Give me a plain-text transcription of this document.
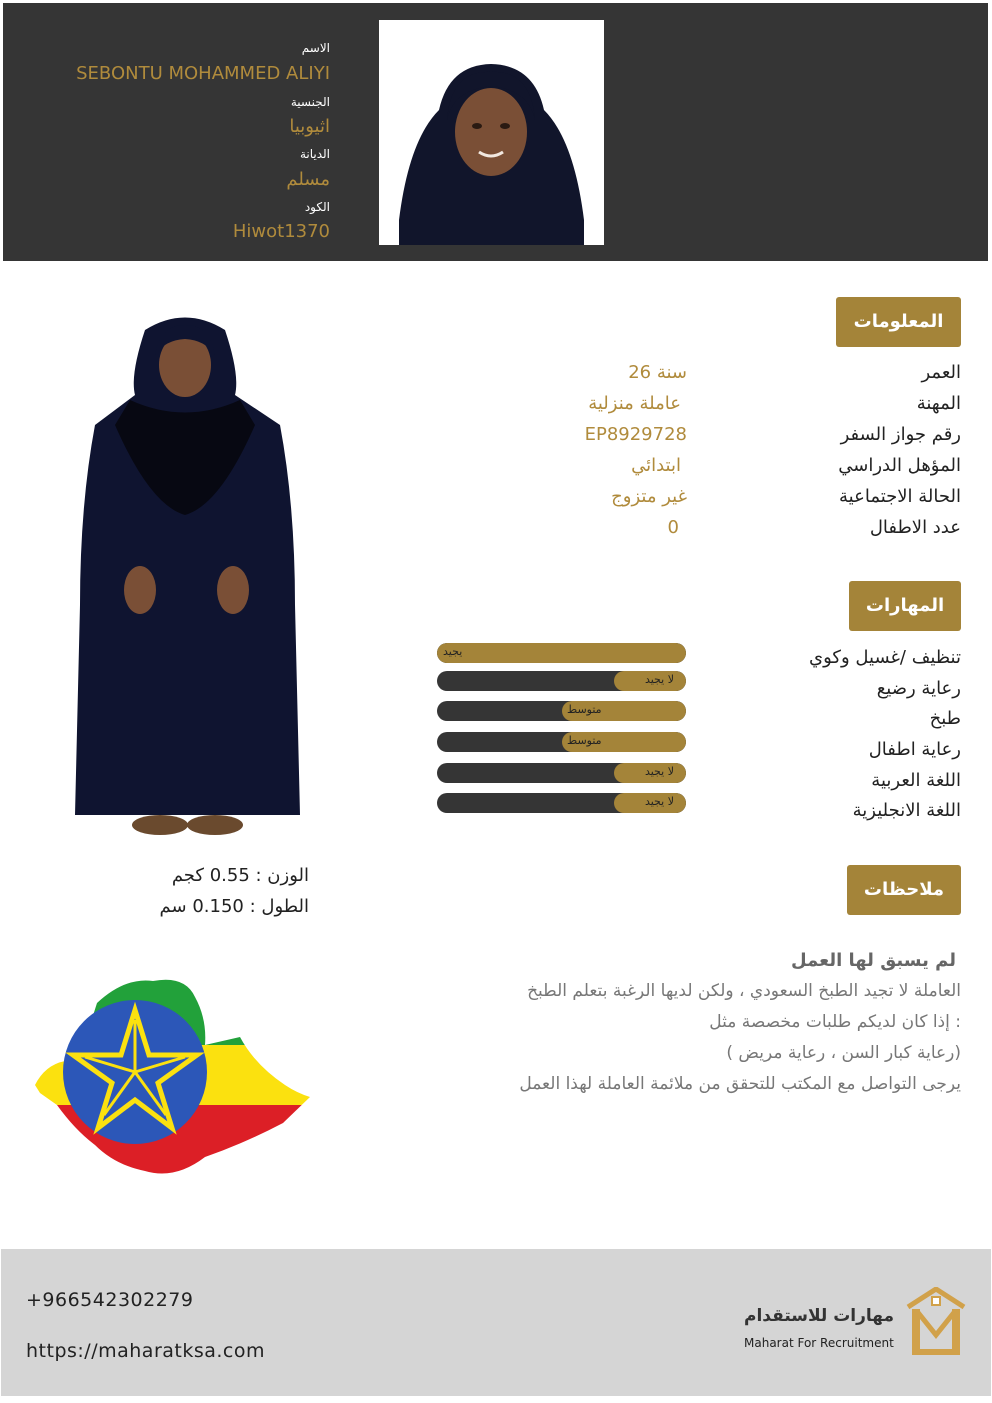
الاسم
SEBONTU MOHAMMED ALIYI
الجنسية
اثيوبيا
الديانة
مسلم
الكود
Hiwot1370
الوزن : 0.55 كجم
الطول : 0.150 سم
المعلومات
العمر
26 سنة
المهنة
عاملة منزلية
رقم جواز السفر
EP8929728
المؤهل الدراسي
ابتدائي
الحالة الاجتماعية
غير متزوج
عدد الاطفال
0
المهارات
تنظيف /غسيل وكوي
يجيد
رعاية رضيع
لا يجيد
طبخ
متوسط
رعاية اطفال
متوسط
اللغة العربية
لا يجيد
اللغة الانجليزية
لا يجيد
ملاحظات
لم يسبق لها العمل
العاملة لا تجيد الطبخ السعودي ، ولكن لديها الرغبة بتعلم الطبخ
إذا كان لديكم طلبات مخصصة مثل :
( رعاية كبار السن ، رعاية مريض)
يرجى التواصل مع المكتب للتحقق من ملائمة العاملة لهذا العمل
+966542302279
https://maharatksa.com
مهارات للاستقدام
Maharat For Recruitment
